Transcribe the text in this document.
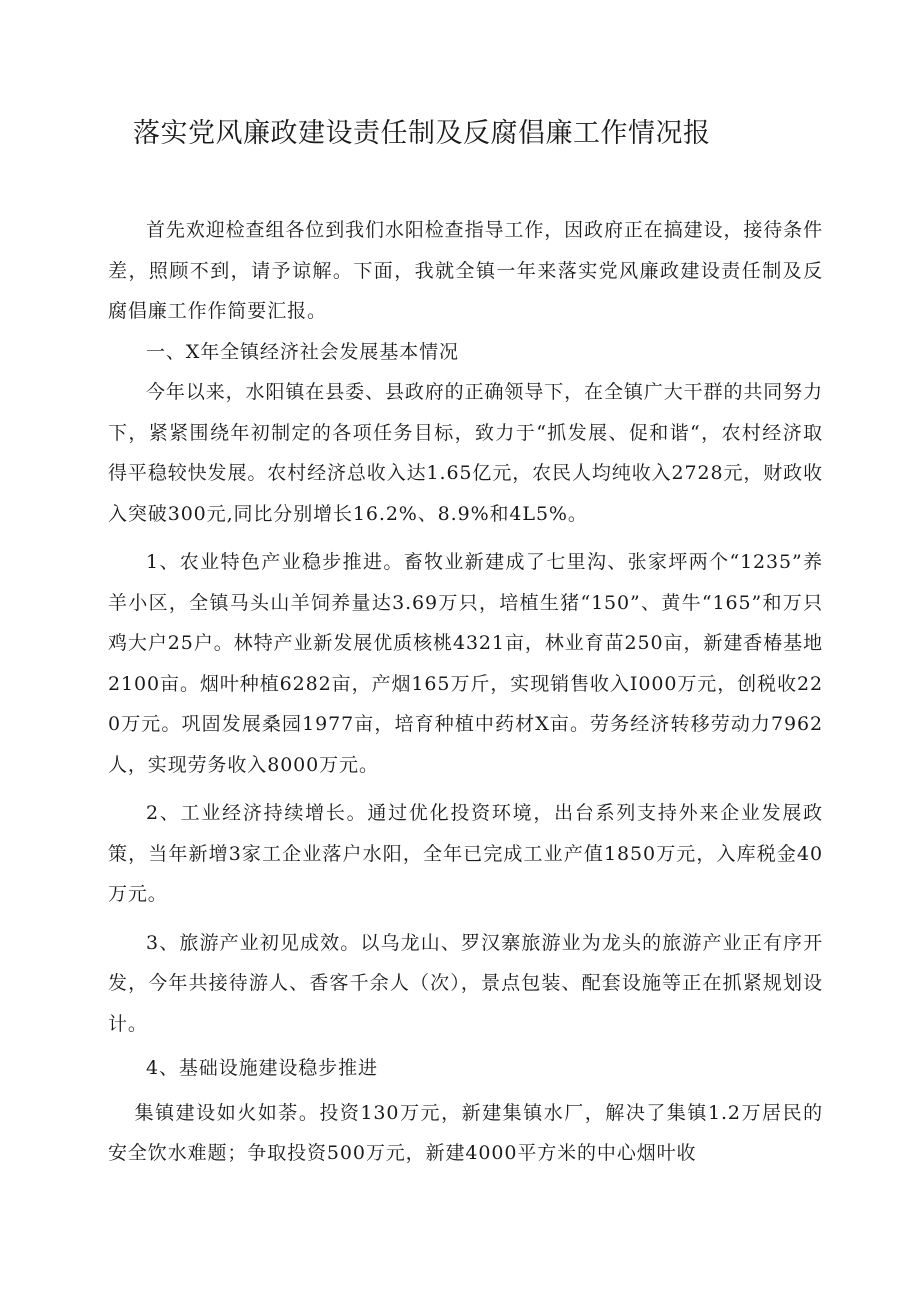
落实党风廉政建设责任制及反腐倡廉工作情况报

首先欢迎检查组各位到我们水阳检查指导工作，因政府正在搞建设，接待条件差，照顾不到，请予谅解。下面，我就全镇一年来落实党风廉政建设责任制及反腐倡廉工作作简要汇报。

一、X年全镇经济社会发展基本情况

今年以来，水阳镇在县委、县政府的正确领导下，在全镇广大干群的共同努力下，紧紧围绕年初制定的各项任务目标，致力于“抓发展、促和谐“，农村经济取得平稳较快发展。农村经济总收入达1.65亿元，农民人均纯收入2728元，财政收入突破300元,同比分别增长16.2%、8.9%和4L5%。

1、农业特色产业稳步推进。畜牧业新建成了七里沟、张家坪两个“1235”养羊小区，全镇马头山羊饲养量达3.69万只，培植生猪“150”、黄牛“165”和万只鸡大户25户。林特产业新发展优质核桃4321亩，林业育苗250亩，新建香椿基地2100亩。烟叶种植6282亩，产烟165万斤，实现销售收入I000万元，创税收220万元。巩固发展桑园1977亩，培育种植中药材X亩。劳务经济转移劳动力7962人，实现劳务收入8000万元。

2、工业经济持续增长。通过优化投资环境，出台系列支持外来企业发展政策，当年新增3家工企业落户水阳，全年已完成工业产值1850万元，入库税金40万元。

3、旅游产业初见成效。以乌龙山、罗汉寨旅游业为龙头的旅游产业正有序开发，今年共接待游人、香客千余人（次），景点包装、配套设施等正在抓紧规划设计。

4、基础设施建设稳步推进

集镇建设如火如荼。投资130万元，新建集镇水厂，解决了集镇1.2万居民的安全饮水难题；争取投资500万元，新建4000平方米的中心烟叶收
